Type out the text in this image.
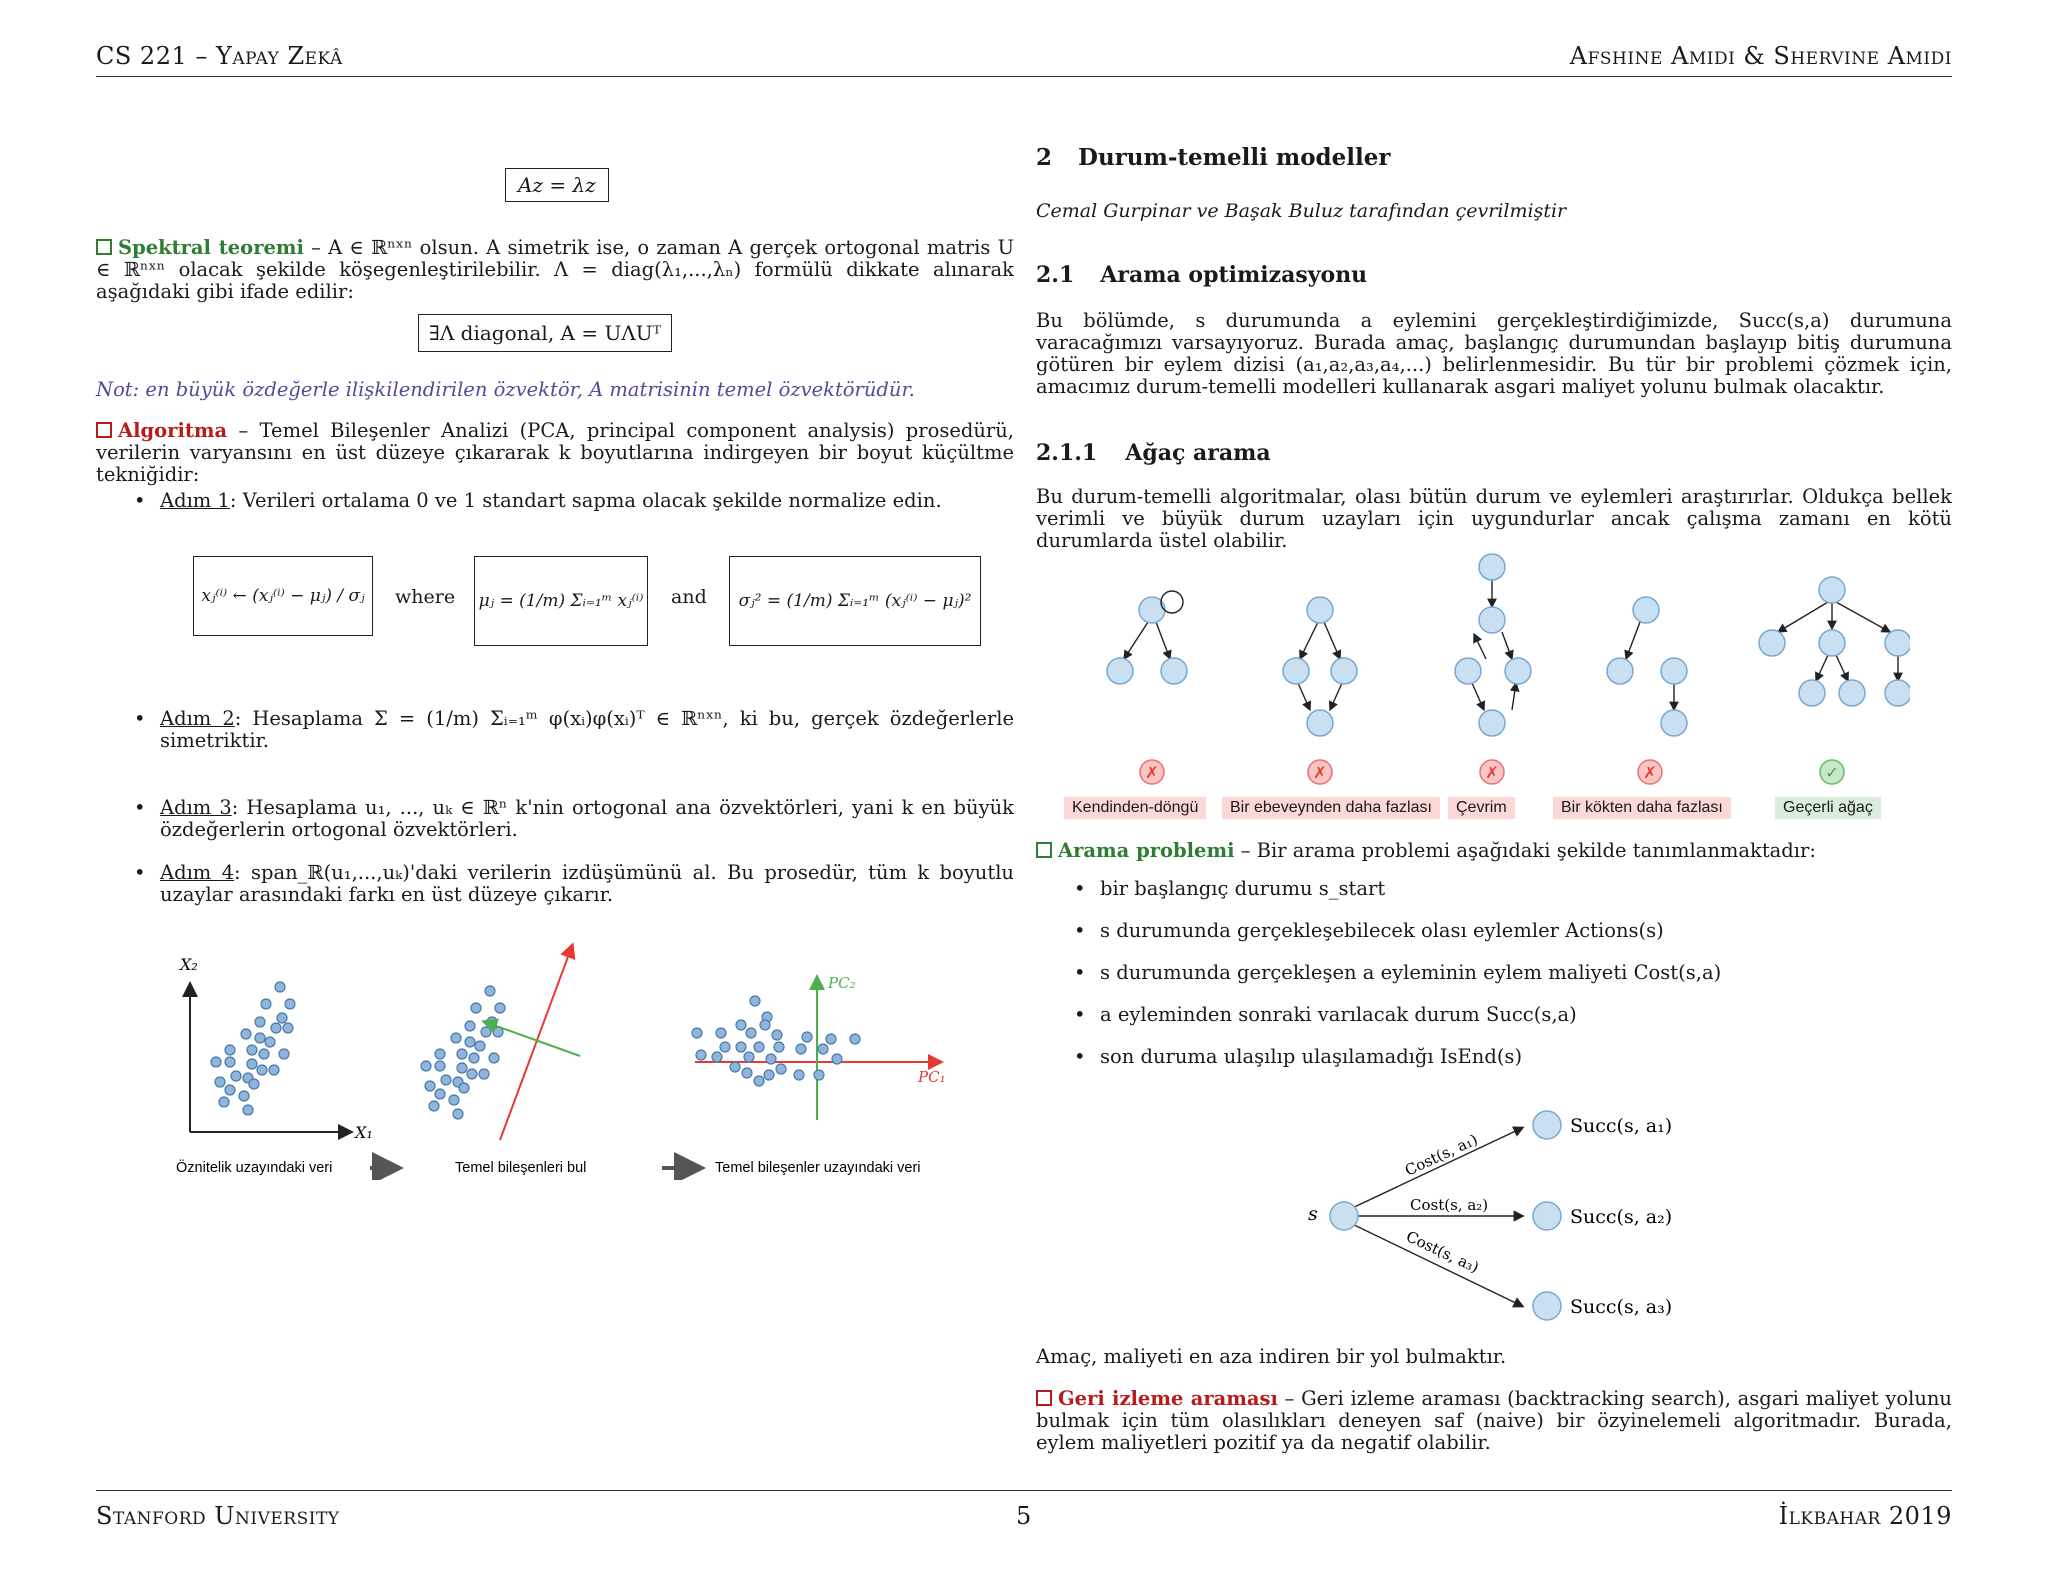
CS 221 – Yapay Zekâ	Afshine Amidi & Shervine Amidi
Az = λz
Spektral teoremi – A ∈ ℝⁿˣⁿ olsun. A simetrik ise, o zaman A gerçek ortogonal matris U ∈ ℝⁿˣⁿ olacak şekilde köşegenleştirilebilir. Λ = diag(λ₁,...,λₙ) formülü dikkate alınarak aşağıdaki gibi ifade edilir:
∃Λ diagonal, A = UΛUᵀ
Not: en büyük özdeğerle ilişkilendirilen özvektör, A matrisinin temel özvektörüdür.
Algoritma – Temel Bileşenler Analizi (PCA, principal component analysis) prosedürü, verilerin varyansını en üst düzeye çıkararak k boyutlarına indirgeyen bir boyut küçültme tekniğidir:
• Adım 1: Verileri ortalama 0 ve 1 standart sapma olacak şekilde normalize edin.
xⱼ⁽ⁱ⁾ ← (xⱼ⁽ⁱ⁾ − μⱼ) / σⱼ	where μⱼ = (1/m) Σᵢ₌₁ᵐ xⱼ⁽ⁱ⁾ and	σⱼ² = (1/m) Σᵢ₌₁ᵐ (xⱼ⁽ⁱ⁾ − μⱼ)²
• Adım 2: Hesaplama Σ = (1/m) Σᵢ₌₁ᵐ φ(xᵢ)φ(xᵢ)ᵀ ∈ ℝⁿˣⁿ, ki bu, gerçek özdeğerlerle simetriktir.
• Adım 3: Hesaplama u₁, ..., uₖ ∈ ℝⁿ k'nin ortogonal ana özvektörleri, yani k en büyük özdeğerlerin ortogonal özvektörleri.
• Adım 4: span_ℝ(u₁,...,uₖ)'daki verilerin izdüşümünü al. Bu prosedür, tüm k boyutlu uzaylar arasındaki farkı en üst düzeye çıkarır.
X₂
X₁
PC₂
PC₁
Öznitelik uzayındaki veri	Temel bileşenleri bul	Temel bileşenler uzayındaki veri
2 Durum-temelli modeller
Cemal Gurpinar ve Başak Buluz tarafından çevrilmiştir
2.1 Arama optimizasyonu
Bu bölümde, s durumunda a eylemini gerçekleştirdiğimizde, Succ(s,a) durumuna varacağımızı varsayıyoruz. Burada amaç, başlangıç durumundan başlayıp bitiş durumuna götüren bir eylem dizisi (a₁,a₂,a₃,a₄,...) belirlenmesidir. Bu tür bir problemi çözmek için, amacımız durum-temelli modelleri kullanarak asgari maliyet yolunu bulmak olacaktır.
2.1.1 Ağaç arama
Bu durum-temelli algoritmalar, olası bütün durum ve eylemleri araştırırlar. Oldukça bellek verimli ve büyük durum uzayları için uygundurlar ancak çalışma zamanı en kötü durumlarda üstel olabilir.
✗	✗	✗	✗	✓
Kendinden-döngü	Bir ebeveynden daha fazlası	Çevrim	Bir kökten daha fazlası	Geçerli ağaç
Arama problemi – Bir arama problemi aşağıdaki şekilde tanımlanmaktadır:
• bir başlangıç durumu s_start
• s durumunda gerçekleşebilecek olası eylemler Actions(s)
• s durumunda gerçekleşen a eyleminin eylem maliyeti Cost(s,a)
• a eyleminden sonraki varılacak durum Succ(s,a)
• son duruma ulaşılıp ulaşılamadığı IsEnd(s)
s
Cost(s, a₁)
Cost(s, a₂)
Cost(s, a₃)
Succ(s, a₁)
Succ(s, a₂)
Succ(s, a₃)
Amaç, maliyeti en aza indiren bir yol bulmaktır.
Geri izleme araması – Geri izleme araması (backtracking search), asgari maliyet yolunu bulmak için tüm olasılıkları deneyen saf (naive) bir özyinelemeli algoritmadır. Burada, eylem maliyetleri pozitif ya da negatif olabilir.
Stanford University	5	İlkbahar 2019
